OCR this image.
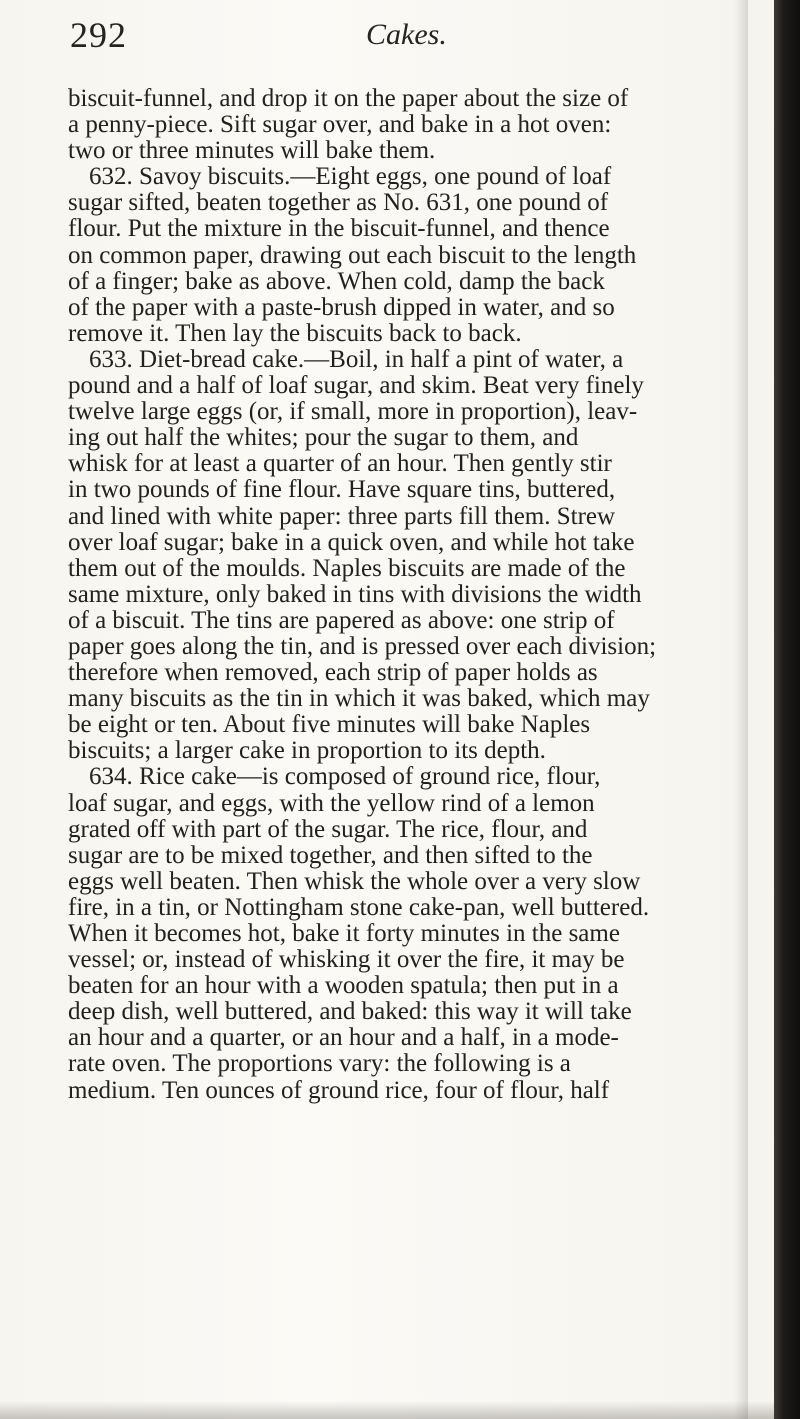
292	Cakes.
biscuit-funnel, and drop it on the paper about the size of
a penny-piece. Sift sugar over, and bake in a hot oven:
two or three minutes will bake them.
632. Savoy biscuits.—Eight eggs, one pound of loaf
sugar sifted, beaten together as No. 631, one pound of
flour. Put the mixture in the biscuit-funnel, and thence
on common paper, drawing out each biscuit to the length
of a finger; bake as above. When cold, damp the back
of the paper with a paste-brush dipped in water, and so
remove it. Then lay the biscuits back to back.
633. Diet-bread cake.—Boil, in half a pint of water, a
pound and a half of loaf sugar, and skim. Beat very finely
twelve large eggs (or, if small, more in proportion), leav-
ing out half the whites; pour the sugar to them, and
whisk for at least a quarter of an hour. Then gently stir
in two pounds of fine flour. Have square tins, buttered,
and lined with white paper: three parts fill them. Strew
over loaf sugar; bake in a quick oven, and while hot take
them out of the moulds. Naples biscuits are made of the
same mixture, only baked in tins with divisions the width
of a biscuit. The tins are papered as above: one strip of
paper goes along the tin, and is pressed over each division;
therefore when removed, each strip of paper holds as
many biscuits as the tin in which it was baked, which may
be eight or ten. About five minutes will bake Naples
biscuits; a larger cake in proportion to its depth.
634. Rice cake—is composed of ground rice, flour,
loaf sugar, and eggs, with the yellow rind of a lemon
grated off with part of the sugar. The rice, flour, and
sugar are to be mixed together, and then sifted to the
eggs well beaten. Then whisk the whole over a very slow
fire, in a tin, or Nottingham stone cake-pan, well buttered.
When it becomes hot, bake it forty minutes in the same
vessel; or, instead of whisking it over the fire, it may be
beaten for an hour with a wooden spatula; then put in a
deep dish, well buttered, and baked: this way it will take
an hour and a quarter, or an hour and a half, in a mode-
rate oven. The proportions vary: the following is a
medium. Ten ounces of ground rice, four of flour, half
